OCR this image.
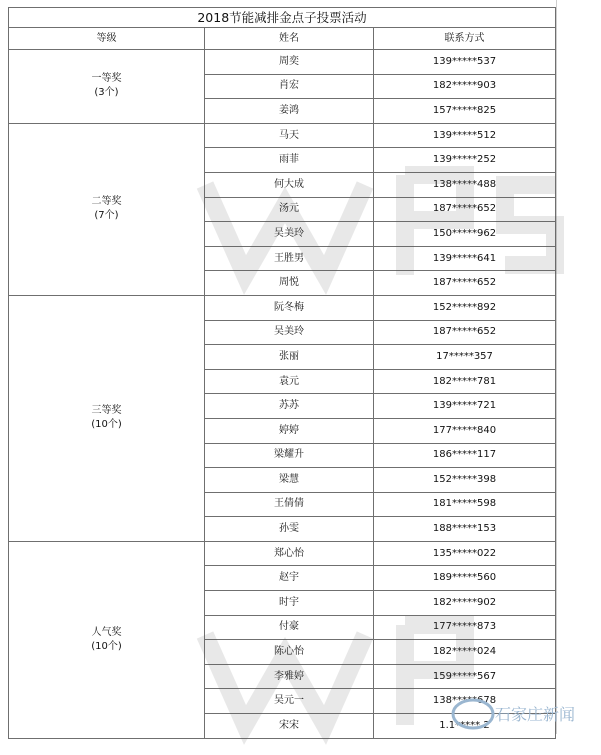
2018节能减排金点子投票活动		
等级	姓名	联系方式

一等奖
(3个)	周奕	139*****537
	肖宏	182*****903
	姜鸿	157*****825

二等奖
(7个)	马天	139*****512
	雨菲	139*****252
	何大成	138*****488
	汤元	187*****652
	吴美玲	150*****962
	王胜男	139*****641
	周悦	187*****652

三等奖
(10个)	阮冬梅	152*****892
	吴美玲	187*****652
	张丽	17*****357
	袁元	182*****781
	苏苏	139*****721
	婷婷	177*****840
	梁耀升	186*****117
	梁慧	152*****398
	王倩倩	181*****598
	孙雯	188*****153

人气奖
(10个)	郑心怡	135*****022
	赵宇	189*****560
	时宇	182*****902
	付豪	177*****873
	陈心怡	182*****024
	李雅婷	159*****567
	吴元一	138*****678
	宋宋	1.1*****.2
石家庄新闻
